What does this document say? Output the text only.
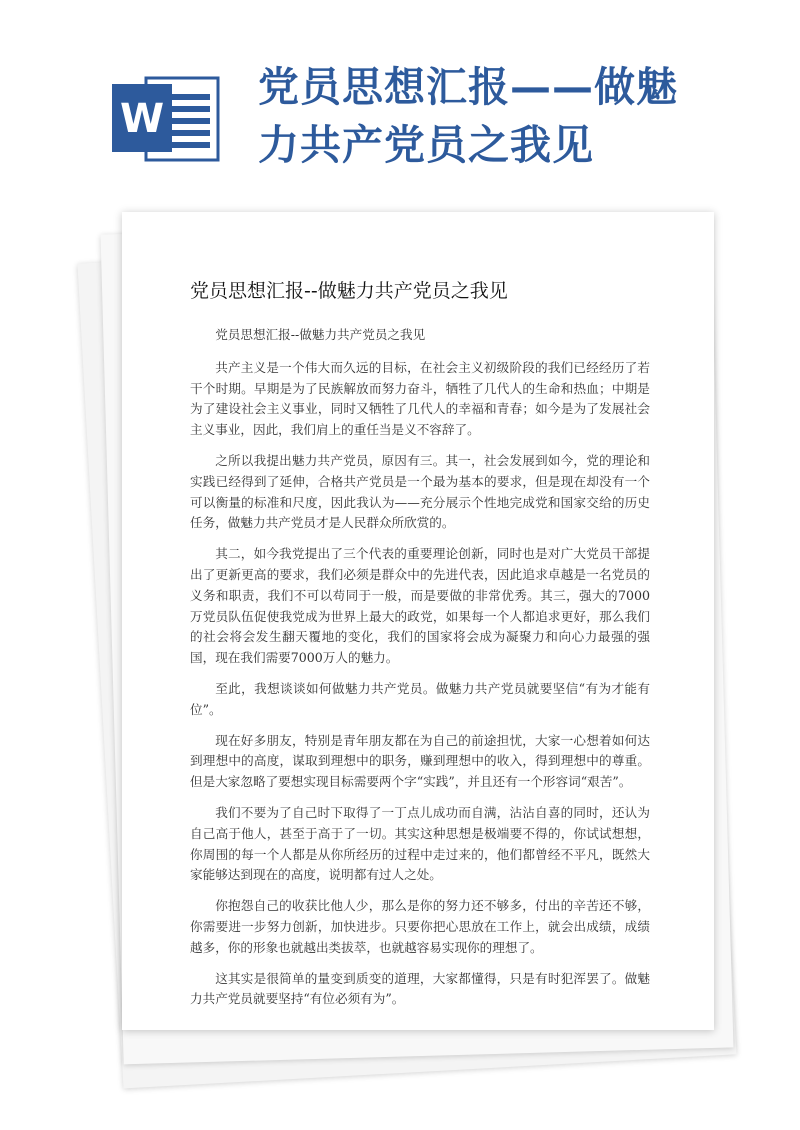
W
党员思想汇报——做魅力共产党员之我见
党员思想汇报--做魅力共产党员之我见

党员思想汇报--做魅力共产党员之我见

共产主义是一个伟大而久远的目标，在社会主义初级阶段的我们已经经历了若干个时期。早期是为了民族解放而努力奋斗，牺牲了几代人的生命和热血；中期是为了建设社会主义事业，同时又牺牲了几代人的幸福和青春；如今是为了发展社会主义事业，因此，我们肩上的重任当是义不容辞了。

之所以我提出魅力共产党员，原因有三。其一，社会发展到如今，党的理论和实践已经得到了延伸，合格共产党员是一个最为基本的要求，但是现在却没有一个可以衡量的标准和尺度，因此我认为——充分展示个性地完成党和国家交给的历史任务，做魅力共产党员才是人民群众所欣赏的。

其二，如今我党提出了三个代表的重要理论创新，同时也是对广大党员干部提出了更新更高的要求，我们必须是群众中的先进代表，因此追求卓越是一名党员的义务和职责，我们不可以苟同于一般，而是要做的非常优秀。其三，强大的7000万党员队伍促使我党成为世界上最大的政党，如果每一个人都追求更好，那么我们的社会将会发生翻天覆地的变化，我们的国家将会成为凝聚力和向心力最强的强国，现在我们需要7000万人的魅力。

至此，我想谈谈如何做魅力共产党员。做魅力共产党员就要坚信“有为才能有位”。

现在好多朋友，特别是青年朋友都在为自己的前途担忧，大家一心想着如何达到理想中的高度，谋取到理想中的职务，赚到理想中的收入，得到理想中的尊重。但是大家忽略了要想实现目标需要两个字“实践”，并且还有一个形容词“艰苦”。

我们不要为了自己时下取得了一丁点儿成功而自满，沾沾自喜的同时，还认为自己高于他人，甚至于高于了一切。其实这种思想是极端要不得的，你试试想想，你周围的每一个人都是从你所经历的过程中走过来的，他们都曾经不平凡，既然大家能够达到现在的高度，说明都有过人之处。

你抱怨自己的收获比他人少，那么是你的努力还不够多，付出的辛苦还不够，你需要进一步努力创新，加快进步。只要你把心思放在工作上，就会出成绩，成绩越多，你的形象也就越出类拔萃，也就越容易实现你的理想了。

这其实是很简单的量变到质变的道理，大家都懂得，只是有时犯浑罢了。做魅力共产党员就要坚持“有位必须有为”。
